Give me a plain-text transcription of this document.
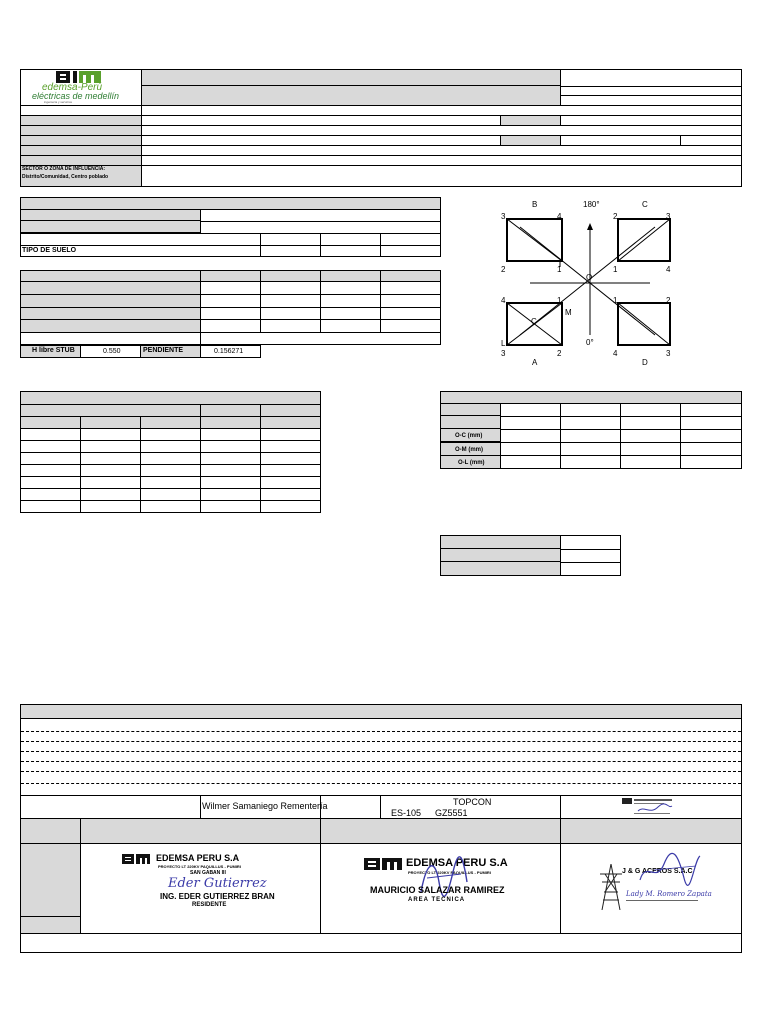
edemsa-Perú
eléctricas de medellín
ingeniería y servicios
SECTOR O ZONA DE INFLUENCIA:
Distrito/Comunidad, Centro poblado
TIPO DE SUELO
H libre STUB	0.550	PENDIENTE	0.156271
B	180°	C
3	4	2	3
2	1
O
1	4
4	1	1	2
M
C
L	0°
3	2	4	3
A	D

O-C (mm)
O-M (mm)
O-L (mm)
Wilmer Samaniego Rementería	TOPCON
ES-105 GZ5551
EDEMSA PERU S.A
PROYECTO LT 220KV PAQUILLUS - PUMIRI
SAN GABAN III
Eder Gutierrez
ING. EDER GUTIERREZ BRAN
RESIDENTE
EDEMSA PERU S.A
PROYECTO LT 220KV PAQUILLUS - PUMIRI
MAURICIO SALAZAR RAMIREZ
AREA TECNICA
J & G ACEROS S.A.C
Lady M. Romero Zapata
